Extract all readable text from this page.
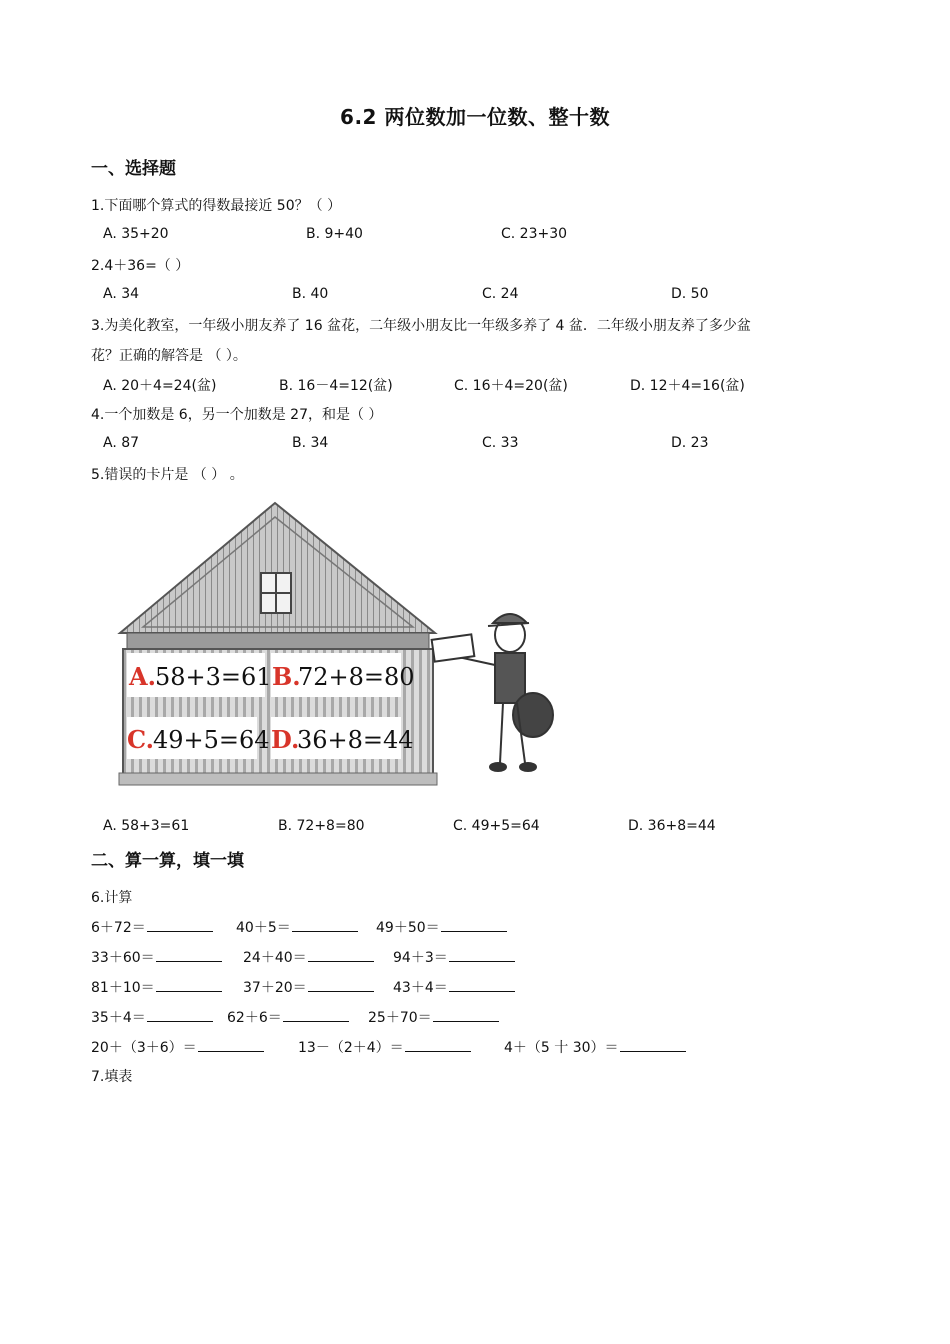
6.2 两位数加一位数、整十数
一、选择题
1.下面哪个算式的得数最接近 50？（ ）
A. 35+20	B. 9+40	C. 23+30
2.4＋36=（ ）
A. 34	B. 40	C. 24	D. 50
3.为美化教室，一年级小朋友养了 16 盆花，二年级小朋友比一年级多养了 4 盆．二年级小朋友养了多少盆
花？正确的解答是 （ ）。
A. 20＋4=24(盆)	B. 16－4=12(盆)	C. 16＋4=20(盆)	D. 12＋4=16(盆)
4.一个加数是 6，另一个加数是 27，和是（ ）
A. 87	B. 34	C. 33	D. 23
5.错误的卡片是 （ ） 。
A. 58+3=61 B.
72+8=80
C.
49+5=64 D.
36+8=44
A. 58+3=61	B. 72+8=80	C. 49+5=64	D. 36+8=44
二、算一算，填一填
6.计算
6＋72＝	40＋5＝	49＋50＝
33＋60＝	24＋40＝	94＋3＝
81＋10＝	37＋20＝	43＋4＝
35＋4＝	62＋6＝	25＋70＝
20＋（3＋6）＝	13－（2＋4）＝	4＋（5 十 30）＝
7.填表
